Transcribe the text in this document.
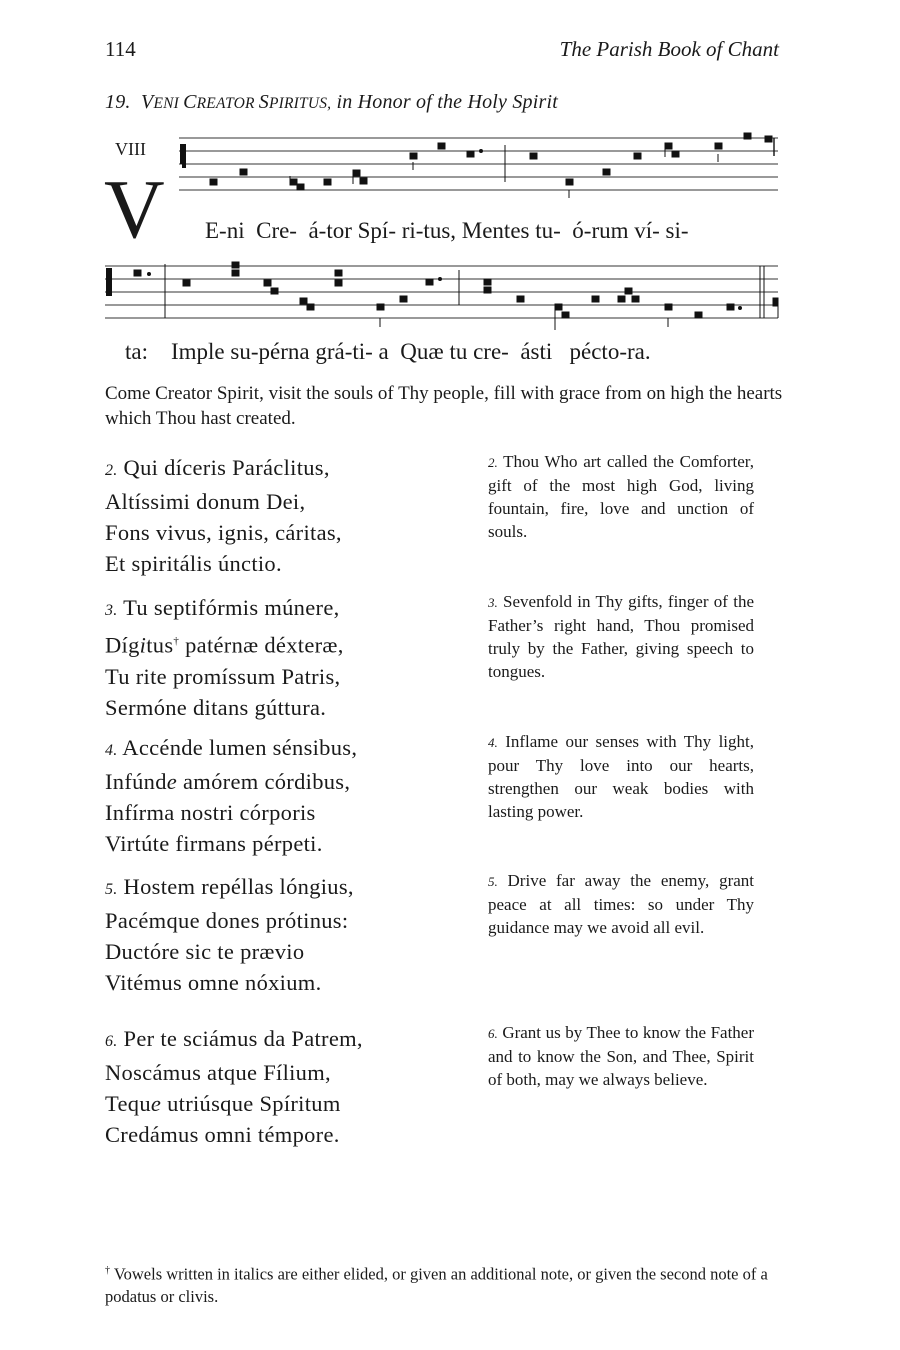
114	The Parish Book of Chant
19. VENI CREATOR SPIRITUS, in Honor of the Holy Spirit
VIII
V E-ni  Cre-  á-tor Spí- ri-tus, Mentes tu-  ó-rum ví- si-
ta:    Imple su-pérna grá-ti- a  Quæ tu cre-  ásti   péctо-ra.
Come Creator Spirit, visit the souls of Thy people, fill with grace from on high the hearts which Thou hast created.
2. Qui díceris Paráclitus,
Altíssimi donum Dei,
Fons vivus, ignis, cáritas,
Et spiritális únctio.
2. Thou Who art called the Comforter, gift of the most high God, living fountain, fire, love and unction of souls.
3. Tu septifórmis múnere,
Dígitus† patérnæ déxteræ,
Tu rite promíssum Patris,
Sermóne ditans gúttura.
3. Sevenfold in Thy gifts, finger of the Father’s right hand, Thou promised truly by the Father, giving speech to tongues.
4. Accénde lumen sénsibus,
Infúnde amórem córdibus,
Infírma nostri córporis
Virtúte firmans pérpeti.
4. Inflame our senses with Thy light, pour Thy love into our hearts, strengthen our weak bodies with lasting power.
5. Hostem repéllas lóngius,
Pacémque dones prótinus:
Ductóre sic te prævio
Vitémus omne nóxium.
5. Drive far away the enemy, grant peace at all times: so under Thy guidance may we avoid all evil.
6. Per te sciámus da Patrem,
Noscámus atque Fílium,
Teque utriúsque Spíritum
Credámus omni témpore.
6. Grant us by Thee to know the Father and to know the Son, and Thee, Spirit of both, may we always believe.
† Vowels written in italics are either elided, or given an additional note, or given the second note of a podatus or clivis.
